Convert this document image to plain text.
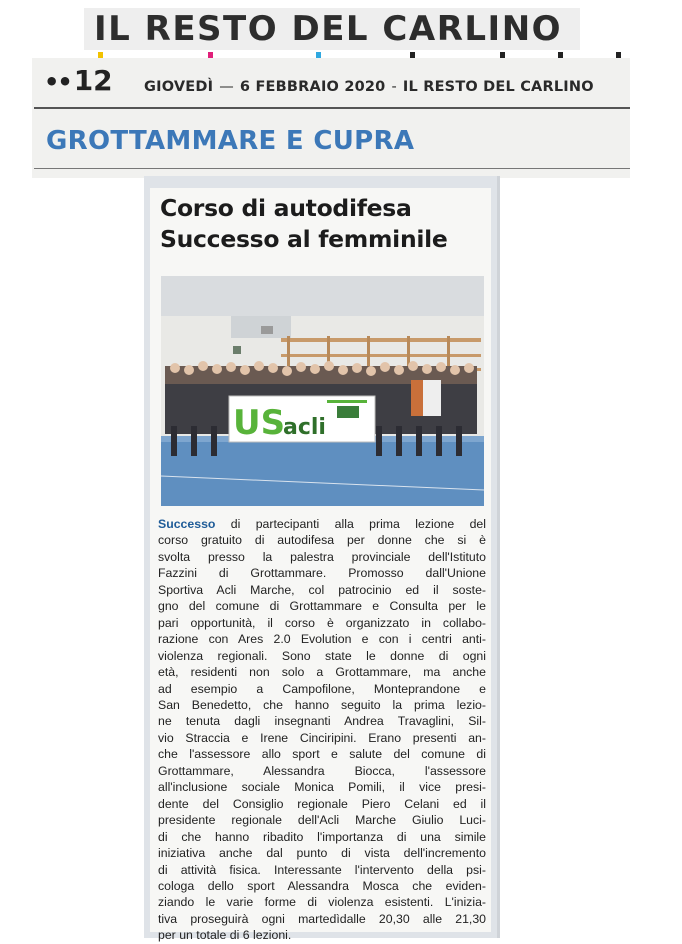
IL RESTO DEL CARLINO
•• 12	GIOVEDÌ — 6 FEBBRAIO 2020 - IL RESTO DEL CARLINO
GROTTAMMARE E CUPRA
Corso di autodifesa
Successo al femminile
US
acli
Successo di partecipanti alla prima lezione del
corso gratuito di autodifesa per donne che si è
svolta presso la palestra provinciale dell'Istituto
Fazzini di Grottammare. Promosso dall'Unione
Sportiva Acli Marche, col patrocinio ed il soste-
gno del comune di Grottammare e Consulta per le
pari opportunità, il corso è organizzato in collabo-
razione con Ares 2.0 Evolution e con i centri anti-
violenza regionali. Sono state le donne di ogni
età, residenti non solo a Grottammare, ma anche
ad esempio a Campofilone, Monteprandone e
San Benedetto, che hanno seguito la prima lezio-
ne tenuta dagli insegnanti Andrea Travaglini, Sil-
vio Straccia e Irene Cinciripini. Erano presenti an-
che l'assessore allo sport e salute del comune di
Grottammare, Alessandra Biocca, l'assessore
all'inclusione sociale Monica Pomili, il vice presi-
dente del Consiglio regionale Piero Celani ed il
presidente regionale dell'Acli Marche Giulio Luci-
di che hanno ribadito l'importanza di una simile
iniziativa anche dal punto di vista dell'incremento
di attività fisica. Interessante l'intervento della psi-
cologa dello sport Alessandra Mosca che eviden-
ziando le varie forme di violenza esistenti. L'inizia-
tiva proseguirà ogni martedìdalle 20,30 alle 21,30
per un totale di 6 lezioni.
